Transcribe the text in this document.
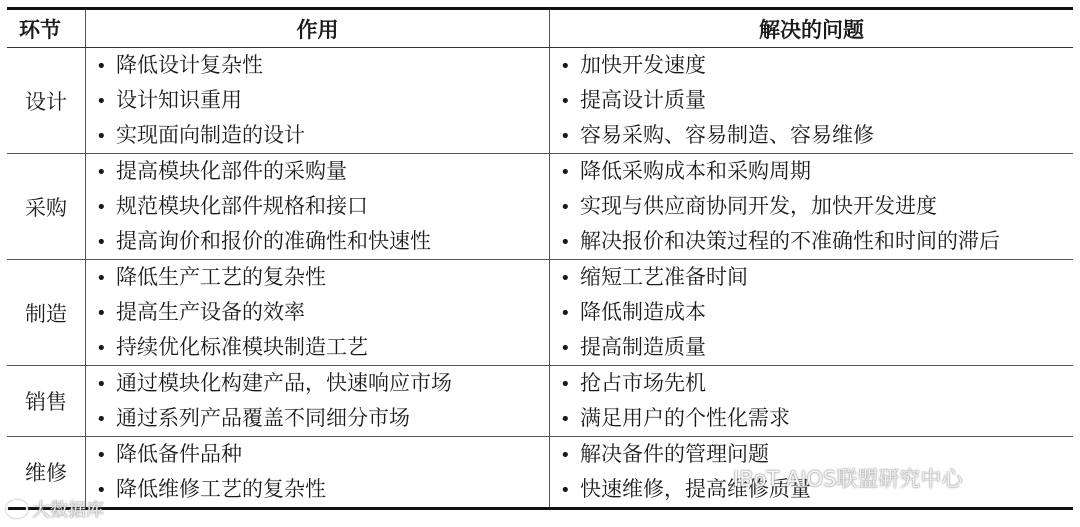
环节	作用	解决的问题
设计
• 降低设计复杂性
• 设计知识重用
• 实现面向制造的设计
• 加快开发速度
• 提高设计质量
• 容易采购、容易制造、容易维修
采购
• 提高模块化部件的采购量
• 规范模块化部件规格和接口
• 提高询价和报价的准确性和快速性
• 降低采购成本和采购周期
• 实现与供应商协同开发，加快开发进度
• 解决报价和决策过程的不准确性和时间的滞后
制造
• 降低生产工艺的复杂性
• 提高生产设备的效率
• 持续优化标准模块制造工艺
• 缩短工艺准备时间
• 降低制造成本
• 提高制造质量
销售
• 通过模块化构建产品，快速响应市场
• 通过系列产品覆盖不同细分市场
• 抢占市场先机
• 满足用户的个性化需求
维修
• 降低备件品种
• 降低维修工艺的复杂性
• 解决备件的管理问题
• 快速维修，提高维修质量
IBoT AIOS联盟研究中心
大数据库
